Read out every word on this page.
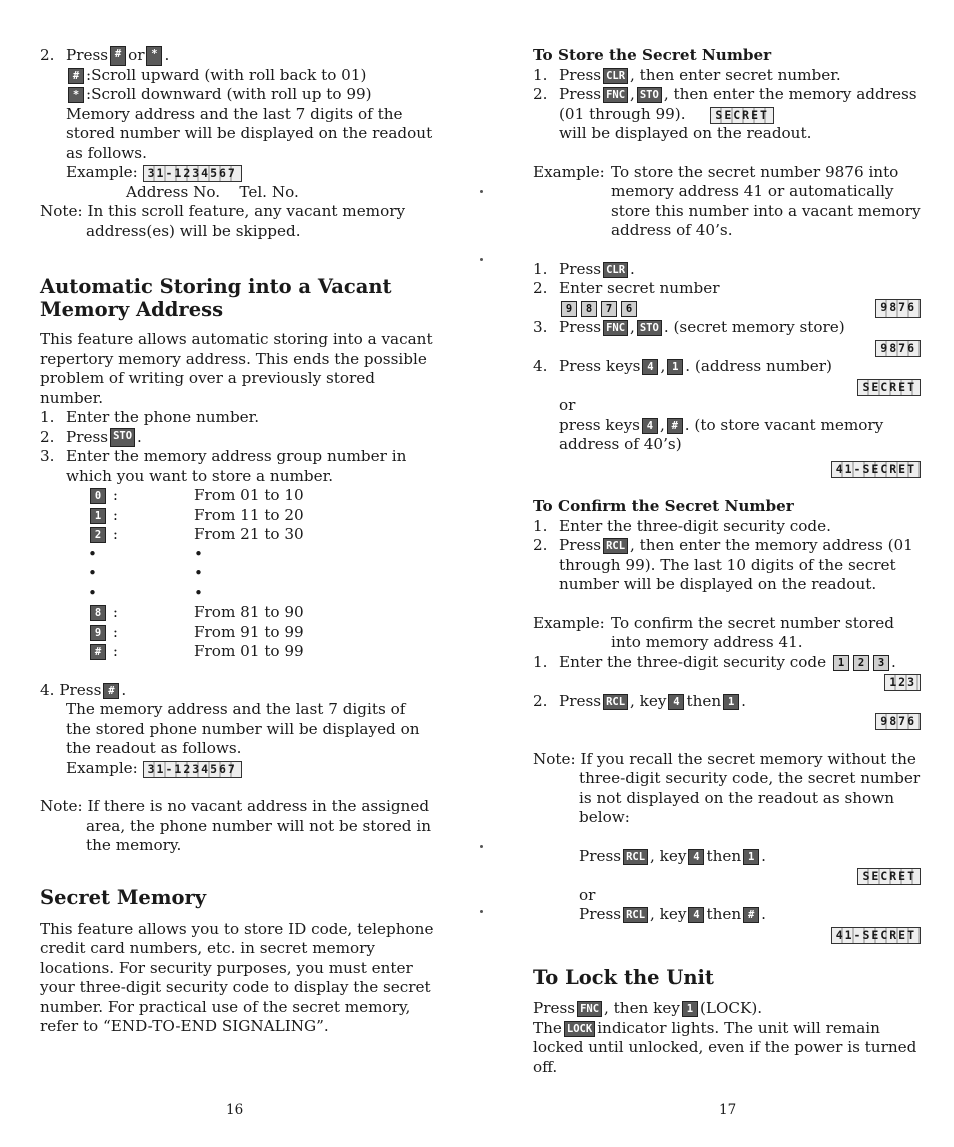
2. Press # or * .
# :Scroll upward (with roll back to 01)
* :Scroll downward (with roll up to 99)

Memory address and the last 7 digits of the stored number will be displayed on the readout as follows.

Example: 31-1234567
Address No. Tel. No.

Note: In this scroll feature, any vacant memory address(es) will be skipped.

Automatic Storing into a Vacant Memory Address

This feature allows automatic storing into a vacant repertory memory address. This ends the possible problem of writing over a previously stored number.

1. Enter the phone number.
2. Press STO .
3. Enter the memory address group number in which you want to store a number.
0 :	From 01 to 10
1 :	From 11 to 20
2 :	From 21 to 30
•	•
•	•
•	•
8 :	From 81 to 90
9 :	From 91 to 99
# :	From 01 to 99
4. Press # .

The memory address and the last 7 digits of the stored phone number will be displayed on the readout as follows.

Example: 31-1234567

Note: If there is no vacant address in the assigned area, the phone number will not be stored in the memory.

Secret Memory

This feature allows you to store ID code, telephone credit card numbers, etc. in secret memory locations. For security purposes, you must enter your three-digit security code to display the secret number. For practical use of the secret memory, refer to “END-TO-END SIGNALING”.

To Store the Secret Number
1. Press CLR , then enter secret number.
2. Press FNC , STO , then enter the memory address (01 through 99).	SECRET
will be displayed on the readout.
Example: To store the secret number 9876 into memory address 41 or automatically store this number into a vacant memory address of 40’s.
1. Press CLR .
2. Enter secret number
9 8 7 6	9876
3. Press FNC , STO . (secret memory store)
9876
4. Press keys 4 , 1 . (address number)
SECRET
or
press keys 4 , # . (to store vacant memory address of 40’s)
41-SECRET
To Confirm the Secret Number
1. Enter the three-digit security code.
2. Press RCL , then enter the memory address (01 through 99). The last 10 digits of the secret number will be displayed on the readout.
Example: To confirm the secret number stored into memory address 41.
1. Enter the three-digit security code 1 2 3 .
123
2. Press RCL , key 4 then 1 .
9876

Note: If you recall the secret memory without the three-digit security code, the secret number is not displayed on the readout as shown below:

Press RCL , key 4 then 1 .
SECRET
or
Press RCL , key 4 then # .
41-SECRET
To Lock the Unit
Press FNC , then key 1 (LOCK).
The LOCK indicator lights. The unit will remain locked until unlocked, even if the power is turned off.
16	17
